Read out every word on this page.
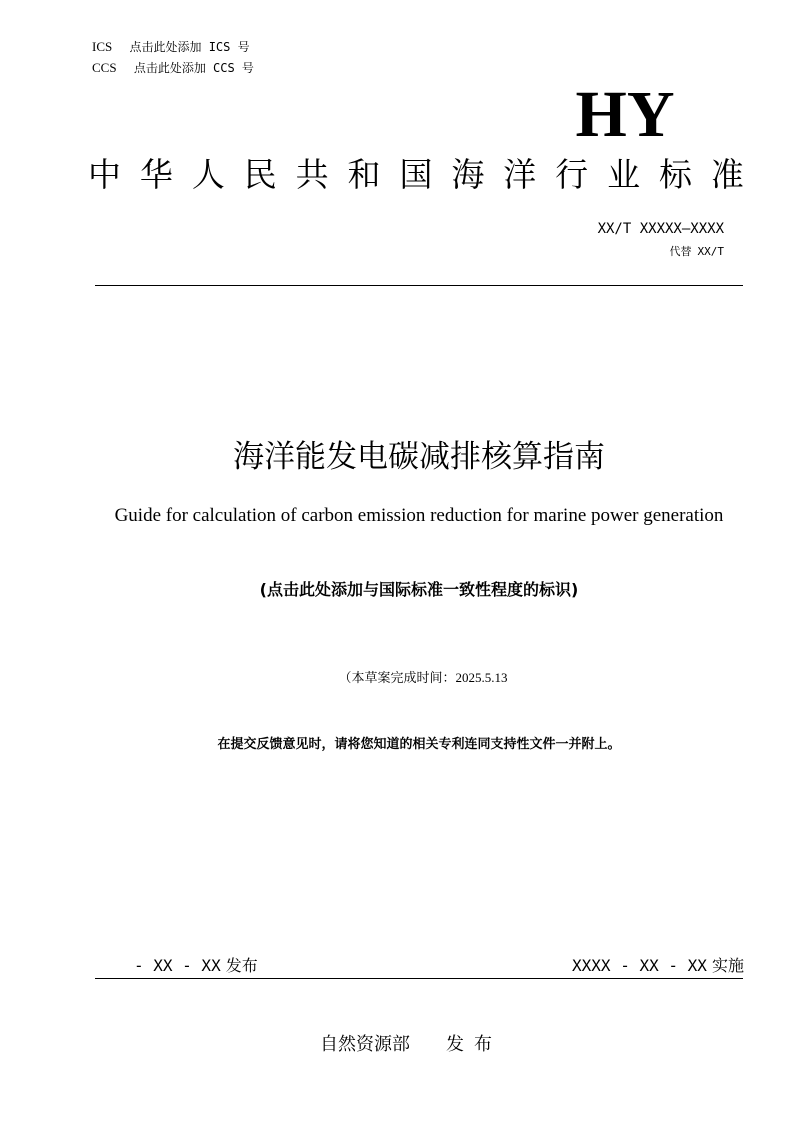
ICS 点击此处添加 ICS 号
CCS 点击此处添加 CCS 号
HY
中 华 人 民 共 和 国 海 洋 行 业 标 准
XX/T XXXXX—XXXX
代替 XX/T
海洋能发电碳减排核算指南
Guide for calculation of carbon emission reduction for marine power generation
(点击此处添加与国际标准一致性程度的标识)
（本草案完成时间：2025.5.13
在提交反馈意见时，请将您知道的相关专利连同支持性文件一并附上。
- XX - XX 发布	XXXX - XX - XX 实施
自然资源部 发布
